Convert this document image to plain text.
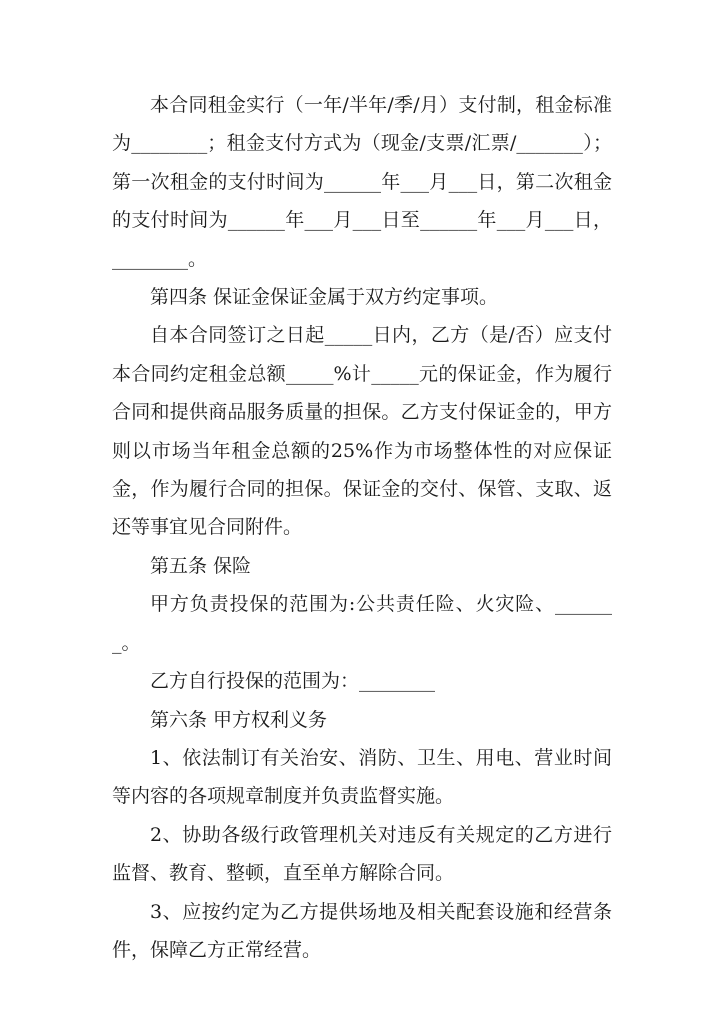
本合同租金实行（一年/半年/季/月）支付制，租金标准为________；租金支付方式为（现金/支票/汇票/_______）；第一次租金的支付时间为______年___月___日，第二次租金的支付时间为______年___月___日至______年___月___日，________。

第四条 保证金保证金属于双方约定事项。

自本合同签订之日起_____日内，乙方（是/否）应支付本合同约定租金总额_____%计_____元的保证金，作为履行合同和提供商品服务质量的担保。乙方支付保证金的，甲方则以市场当年租金总额的25%作为市场整体性的对应保证金，作为履行合同的担保。保证金的交付、保管、支取、返还等事宜见合同附件。

第五条 保险

甲方负责投保的范围为:公共责任险、火灾险、_______。

乙方自行投保的范围为：________

第六条 甲方权利义务

1、依法制订有关治安、消防、卫生、用电、营业时间等内容的各项规章制度并负责监督实施。

2、协助各级行政管理机关对违反有关规定的乙方进行监督、教育、整顿，直至单方解除合同。

3、应按约定为乙方提供场地及相关配套设施和经营条件，保障乙方正常经营。
